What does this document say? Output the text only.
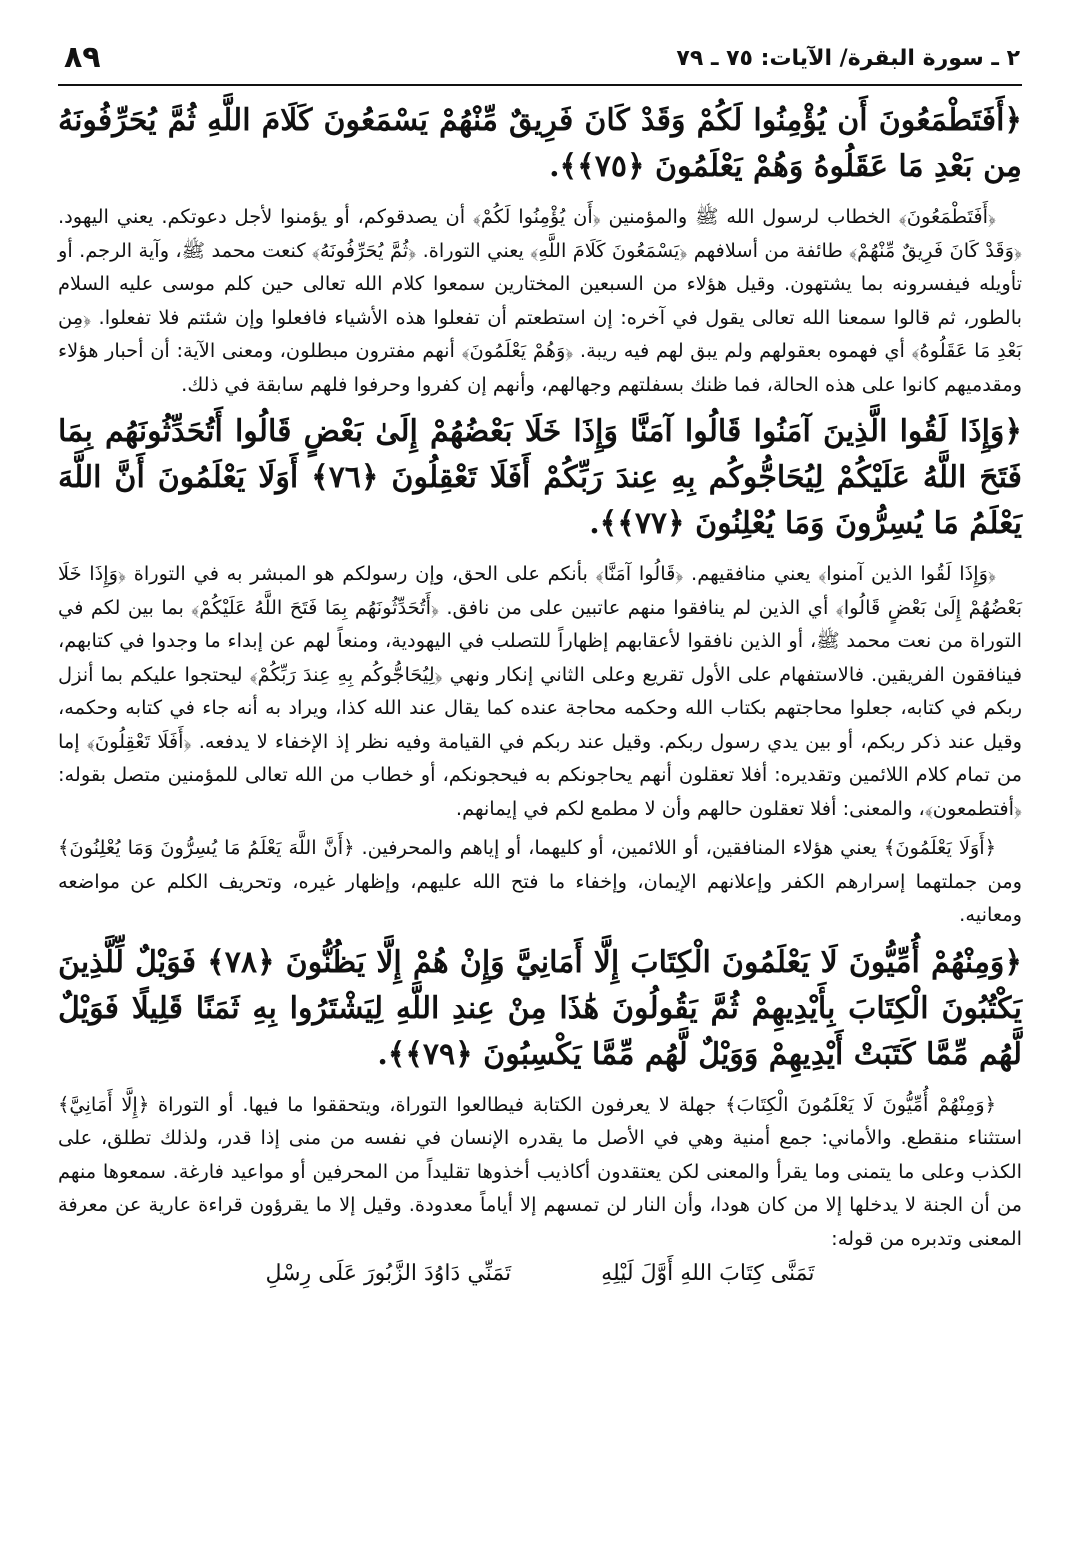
٢ ـ سورة البقرة/ الآيات: ٧٥ ـ ٧٩
٨٩
﴿أَفَتَطْمَعُونَ أَن يُؤْمِنُوا لَكُمْ وَقَدْ كَانَ فَرِيقٌ مِّنْهُمْ يَسْمَعُونَ كَلَامَ اللَّهِ ثُمَّ يُحَرِّفُونَهُ مِن بَعْدِ مَا عَقَلُوهُ وَهُمْ يَعْلَمُونَ ﴿٧٥﴾﴾.

﴿أَفَتَطْمَعُونَ﴾ الخطاب لرسول الله ﷺ والمؤمنين ﴿أَن يُؤْمِنُوا لَكُمْ﴾ أن يصدقوكم، أو يؤمنوا لأجل دعوتكم. يعني اليهود. ﴿وَقَدْ كَانَ فَرِيقٌ مِّنْهُمْ﴾ طائفة من أسلافهم ﴿يَسْمَعُونَ كَلَامَ اللَّهِ﴾ يعني التوراة. ﴿ثُمَّ يُحَرِّفُونَهُ﴾ كنعت محمد ﷺ، وآية الرجم. أو تأويله فيفسرونه بما يشتهون. وقيل هؤلاء من السبعين المختارين سمعوا كلام الله تعالى حين كلم موسى عليه السلام بالطور، ثم قالوا سمعنا الله تعالى يقول في آخره: إن استطعتم أن تفعلوا هذه الأشياء فافعلوا وإن شئتم فلا تفعلوا. ﴿مِن بَعْدِ مَا عَقَلُوهُ﴾ أي فهموه بعقولهم ولم يبق لهم فيه ريبة. ﴿وَهُمْ يَعْلَمُونَ﴾ أنهم مفترون مبطلون، ومعنى الآية: أن أحبار هؤلاء ومقدميهم كانوا على هذه الحالة، فما ظنك بسفلتهم وجهالهم، وأنهم إن كفروا وحرفوا فلهم سابقة في ذلك.

﴿وَإِذَا لَقُوا الَّذِينَ آمَنُوا قَالُوا آمَنَّا وَإِذَا خَلَا بَعْضُهُمْ إِلَىٰ بَعْضٍ قَالُوا أَتُحَدِّثُونَهُم بِمَا فَتَحَ اللَّهُ عَلَيْكُمْ لِيُحَاجُّوكُم بِهِ عِندَ رَبِّكُمْ أَفَلَا تَعْقِلُونَ ﴿٧٦﴾ أَوَلَا يَعْلَمُونَ أَنَّ اللَّهَ يَعْلَمُ مَا يُسِرُّونَ وَمَا يُعْلِنُونَ ﴿٧٧﴾﴾.

﴿وَإِذَا لَقُوا الذين آمنوا﴾ يعني منافقيهم. ﴿قَالُوا آمَنَّا﴾ بأنكم على الحق، وإن رسولكم هو المبشر به في التوراة ﴿وَإِذَا خَلَا بَعْضُهُمْ إِلَىٰ بَعْضٍ قَالُوا﴾ أي الذين لم ينافقوا منهم عاتبين على من نافق. ﴿أَتُحَدِّثُونَهُم بِمَا فَتَحَ اللَّهُ عَلَيْكُمْ﴾ بما بين لكم في التوراة من نعت محمد ﷺ، أو الذين نافقوا لأعقابهم إظهاراً للتصلب في اليهودية، ومنعاً لهم عن إبداء ما وجدوا في كتابهم، فينافقون الفريقين. فالاستفهام على الأول تقريع وعلى الثاني إنكار ونهي ﴿لِيُحَاجُّوكُم بِهِ عِندَ رَبِّكُمْ﴾ ليحتجوا عليكم بما أنزل ربكم في كتابه، جعلوا محاجتهم بكتاب الله وحكمه محاجة عنده كما يقال عند الله كذا، ويراد به أنه جاء في كتابه وحكمه، وقيل عند ذكر ربكم، أو بين يدي رسول ربكم. وقيل عند ربكم في القيامة وفيه نظر إذ الإخفاء لا يدفعه. ﴿أَفَلَا تَعْقِلُونَ﴾ إما من تمام كلام اللائمين وتقديره: أفلا تعقلون أنهم يحاجونكم به فيحجونكم، أو خطاب من الله تعالى للمؤمنين متصل بقوله: ﴿أفتطمعون﴾، والمعنى: أفلا تعقلون حالهم وأن لا مطمع لكم في إيمانهم.

﴿أَوَلَا يَعْلَمُونَ﴾ يعني هؤلاء المنافقين، أو اللائمين، أو كليهما، أو إياهم والمحرفين. ﴿أَنَّ اللَّهَ يَعْلَمُ مَا يُسِرُّونَ وَمَا يُعْلِنُونَ﴾ ومن جملتهما إسرارهم الكفر وإعلانهم الإيمان، وإخفاء ما فتح الله عليهم، وإظهار غيره، وتحريف الكلم عن مواضعه ومعانيه.

﴿وَمِنْهُمْ أُمِّيُّونَ لَا يَعْلَمُونَ الْكِتَابَ إِلَّا أَمَانِيَّ وَإِنْ هُمْ إِلَّا يَظُنُّونَ ﴿٧٨﴾ فَوَيْلٌ لِّلَّذِينَ يَكْتُبُونَ الْكِتَابَ بِأَيْدِيهِمْ ثُمَّ يَقُولُونَ هَٰذَا مِنْ عِندِ اللَّهِ لِيَشْتَرُوا بِهِ ثَمَنًا قَلِيلًا فَوَيْلٌ لَّهُم مِّمَّا كَتَبَتْ أَيْدِيهِمْ وَوَيْلٌ لَّهُم مِّمَّا يَكْسِبُونَ ﴿٧٩﴾﴾.

﴿وَمِنْهُمْ أُمِّيُّونَ لَا يَعْلَمُونَ الْكِتَابَ﴾ جهلة لا يعرفون الكتابة فيطالعوا التوراة، ويتحققوا ما فيها. أو التوراة ﴿إِلَّا أَمَانِيَّ﴾ استثناء منقطع. والأماني: جمع أمنية وهي في الأصل ما يقدره الإنسان في نفسه من منى إذا قدر، ولذلك تطلق، على الكذب وعلى ما يتمنى وما يقرأ والمعنى لكن يعتقدون أكاذيب أخذوها تقليداً من المحرفين أو مواعيد فارغة. سمعوها منهم من أن الجنة لا يدخلها إلا من كان هودا، وأن النار لن تمسهم إلا أياماً معدودة. وقيل إلا ما يقرؤون قراءة عارية عن معرفة المعنى وتدبره من قوله:

تَمَنَّى كِتَابَ اللهِ أَوَّلَ لَيْلِهِ
تَمَنِّي دَاوُدَ الزَّبُورَ عَلَى رِسْلِ
